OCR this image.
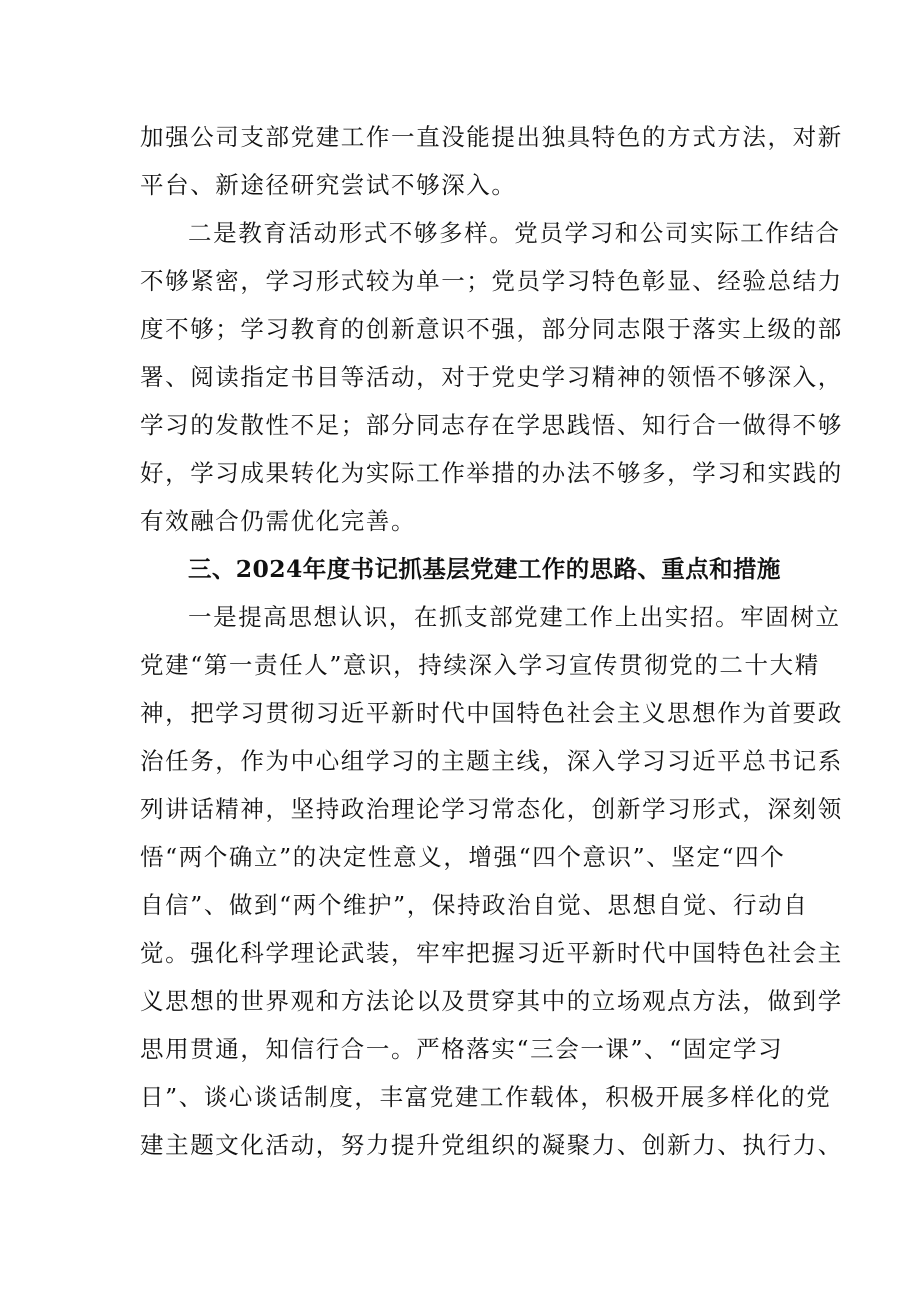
加强公司支部党建工作一直没能提出独具特色的方式方法，对新
平台、新途径研究尝试不够深入。
二是教育活动形式不够多样。党员学习和公司实际工作结合
不够紧密，学习形式较为单一；党员学习特色彰显、经验总结力
度不够；学习教育的创新意识不强，部分同志限于落实上级的部
署、阅读指定书目等活动，对于党史学习精神的领悟不够深入，
学习的发散性不足；部分同志存在学思践悟、知行合一做得不够
好，学习成果转化为实际工作举措的办法不够多，学习和实践的
有效融合仍需优化完善。
三、2024年度书记抓基层党建工作的思路、重点和措施
一是提高思想认识，在抓支部党建工作上出实招。牢固树立
党建“第一责任人”意识，持续深入学习宣传贯彻党的二十大精
神，把学习贯彻习近平新时代中国特色社会主义思想作为首要政
治任务，作为中心组学习的主题主线，深入学习习近平总书记系
列讲话精神，坚持政治理论学习常态化，创新学习形式，深刻领
悟“两个确立”的决定性意义，增强“四个意识”、坚定“四个
自信”、做到“两个维护”，保持政治自觉、思想自觉、行动自
觉。强化科学理论武装，牢牢把握习近平新时代中国特色社会主
义思想的世界观和方法论以及贯穿其中的立场观点方法，做到学
思用贯通，知信行合一。严格落实“三会一课”、“固定学习
日”、谈心谈话制度，丰富党建工作载体，积极开展多样化的党
建主题文化活动，努力提升党组织的凝聚力、创新力、执行力、
